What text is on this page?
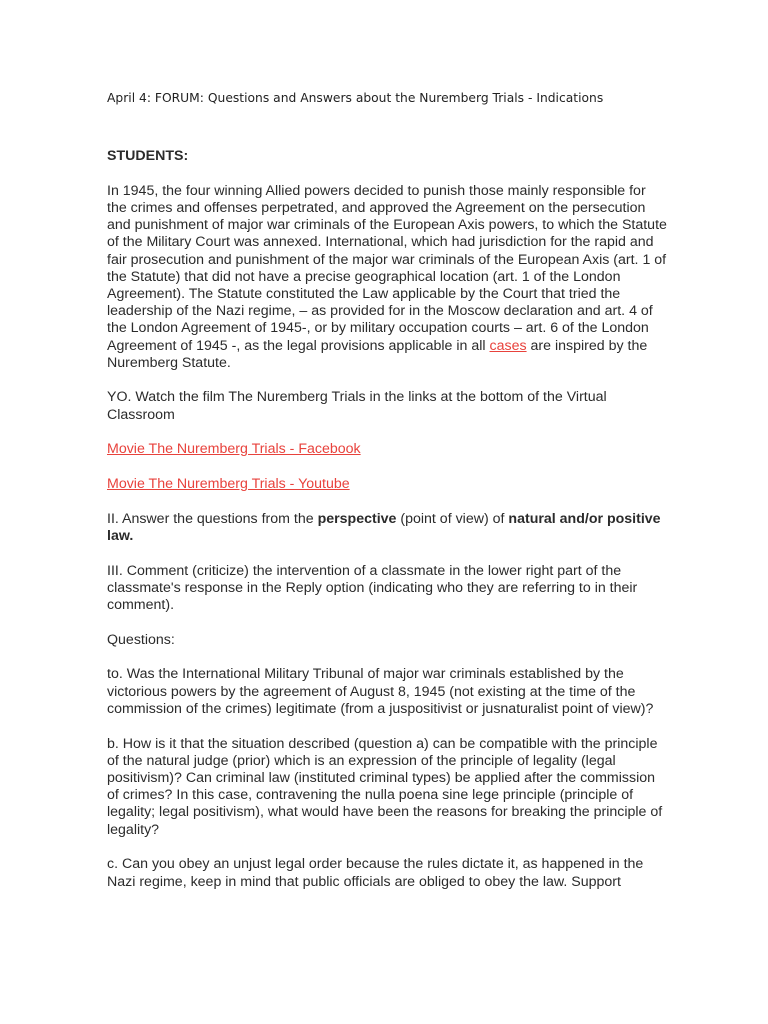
April 4: FORUM: Questions and Answers about the Nuremberg Trials - Indications

STUDENTS:

In 1945, the four winning Allied powers decided to punish those mainly responsible for the crimes and offenses perpetrated, and approved the Agreement on the persecution and punishment of major war criminals of the European Axis powers, to which the Statute of the Military Court was annexed. International, which had jurisdiction for the rapid and fair prosecution and punishment of the major war criminals of the European Axis (art. 1 of the Statute) that did not have a precise geographical location (art. 1 of the London Agreement). The Statute constituted the Law applicable by the Court that tried the leadership of the Nazi regime, – as provided for in the Moscow declaration and art. 4 of the London Agreement of 1945-, or by military occupation courts – art. 6 of the London Agreement of 1945 -, as the legal provisions applicable in all cases are inspired by the Nuremberg Statute.

YO. Watch the film The Nuremberg Trials in the links at the bottom of the Virtual Classroom

Movie The Nuremberg Trials - Facebook

Movie The Nuremberg Trials - Youtube

II. Answer the questions from the perspective (point of view) of natural and/or positive law.

III. Comment (criticize) the intervention of a classmate in the lower right part of the classmate's response in the Reply option (indicating who they are referring to in their comment).

Questions:

to. Was the International Military Tribunal of major war criminals established by the victorious powers by the agreement of August 8, 1945 (not existing at the time of the commission of the crimes) legitimate (from a juspositivist or jusnaturalist point of view)?

b. How is it that the situation described (question a) can be compatible with the principle of the natural judge (prior) which is an expression of the principle of legality (legal positivism)? Can criminal law (instituted criminal types) be applied after the commission of crimes? In this case, contravening the nulla poena sine lege principle (principle of legality; legal positivism), what would have been the reasons for breaking the principle of legality?

c. Can you obey an unjust legal order because the rules dictate it, as happened in the Nazi regime, keep in mind that public officials are obliged to obey the law. Support
